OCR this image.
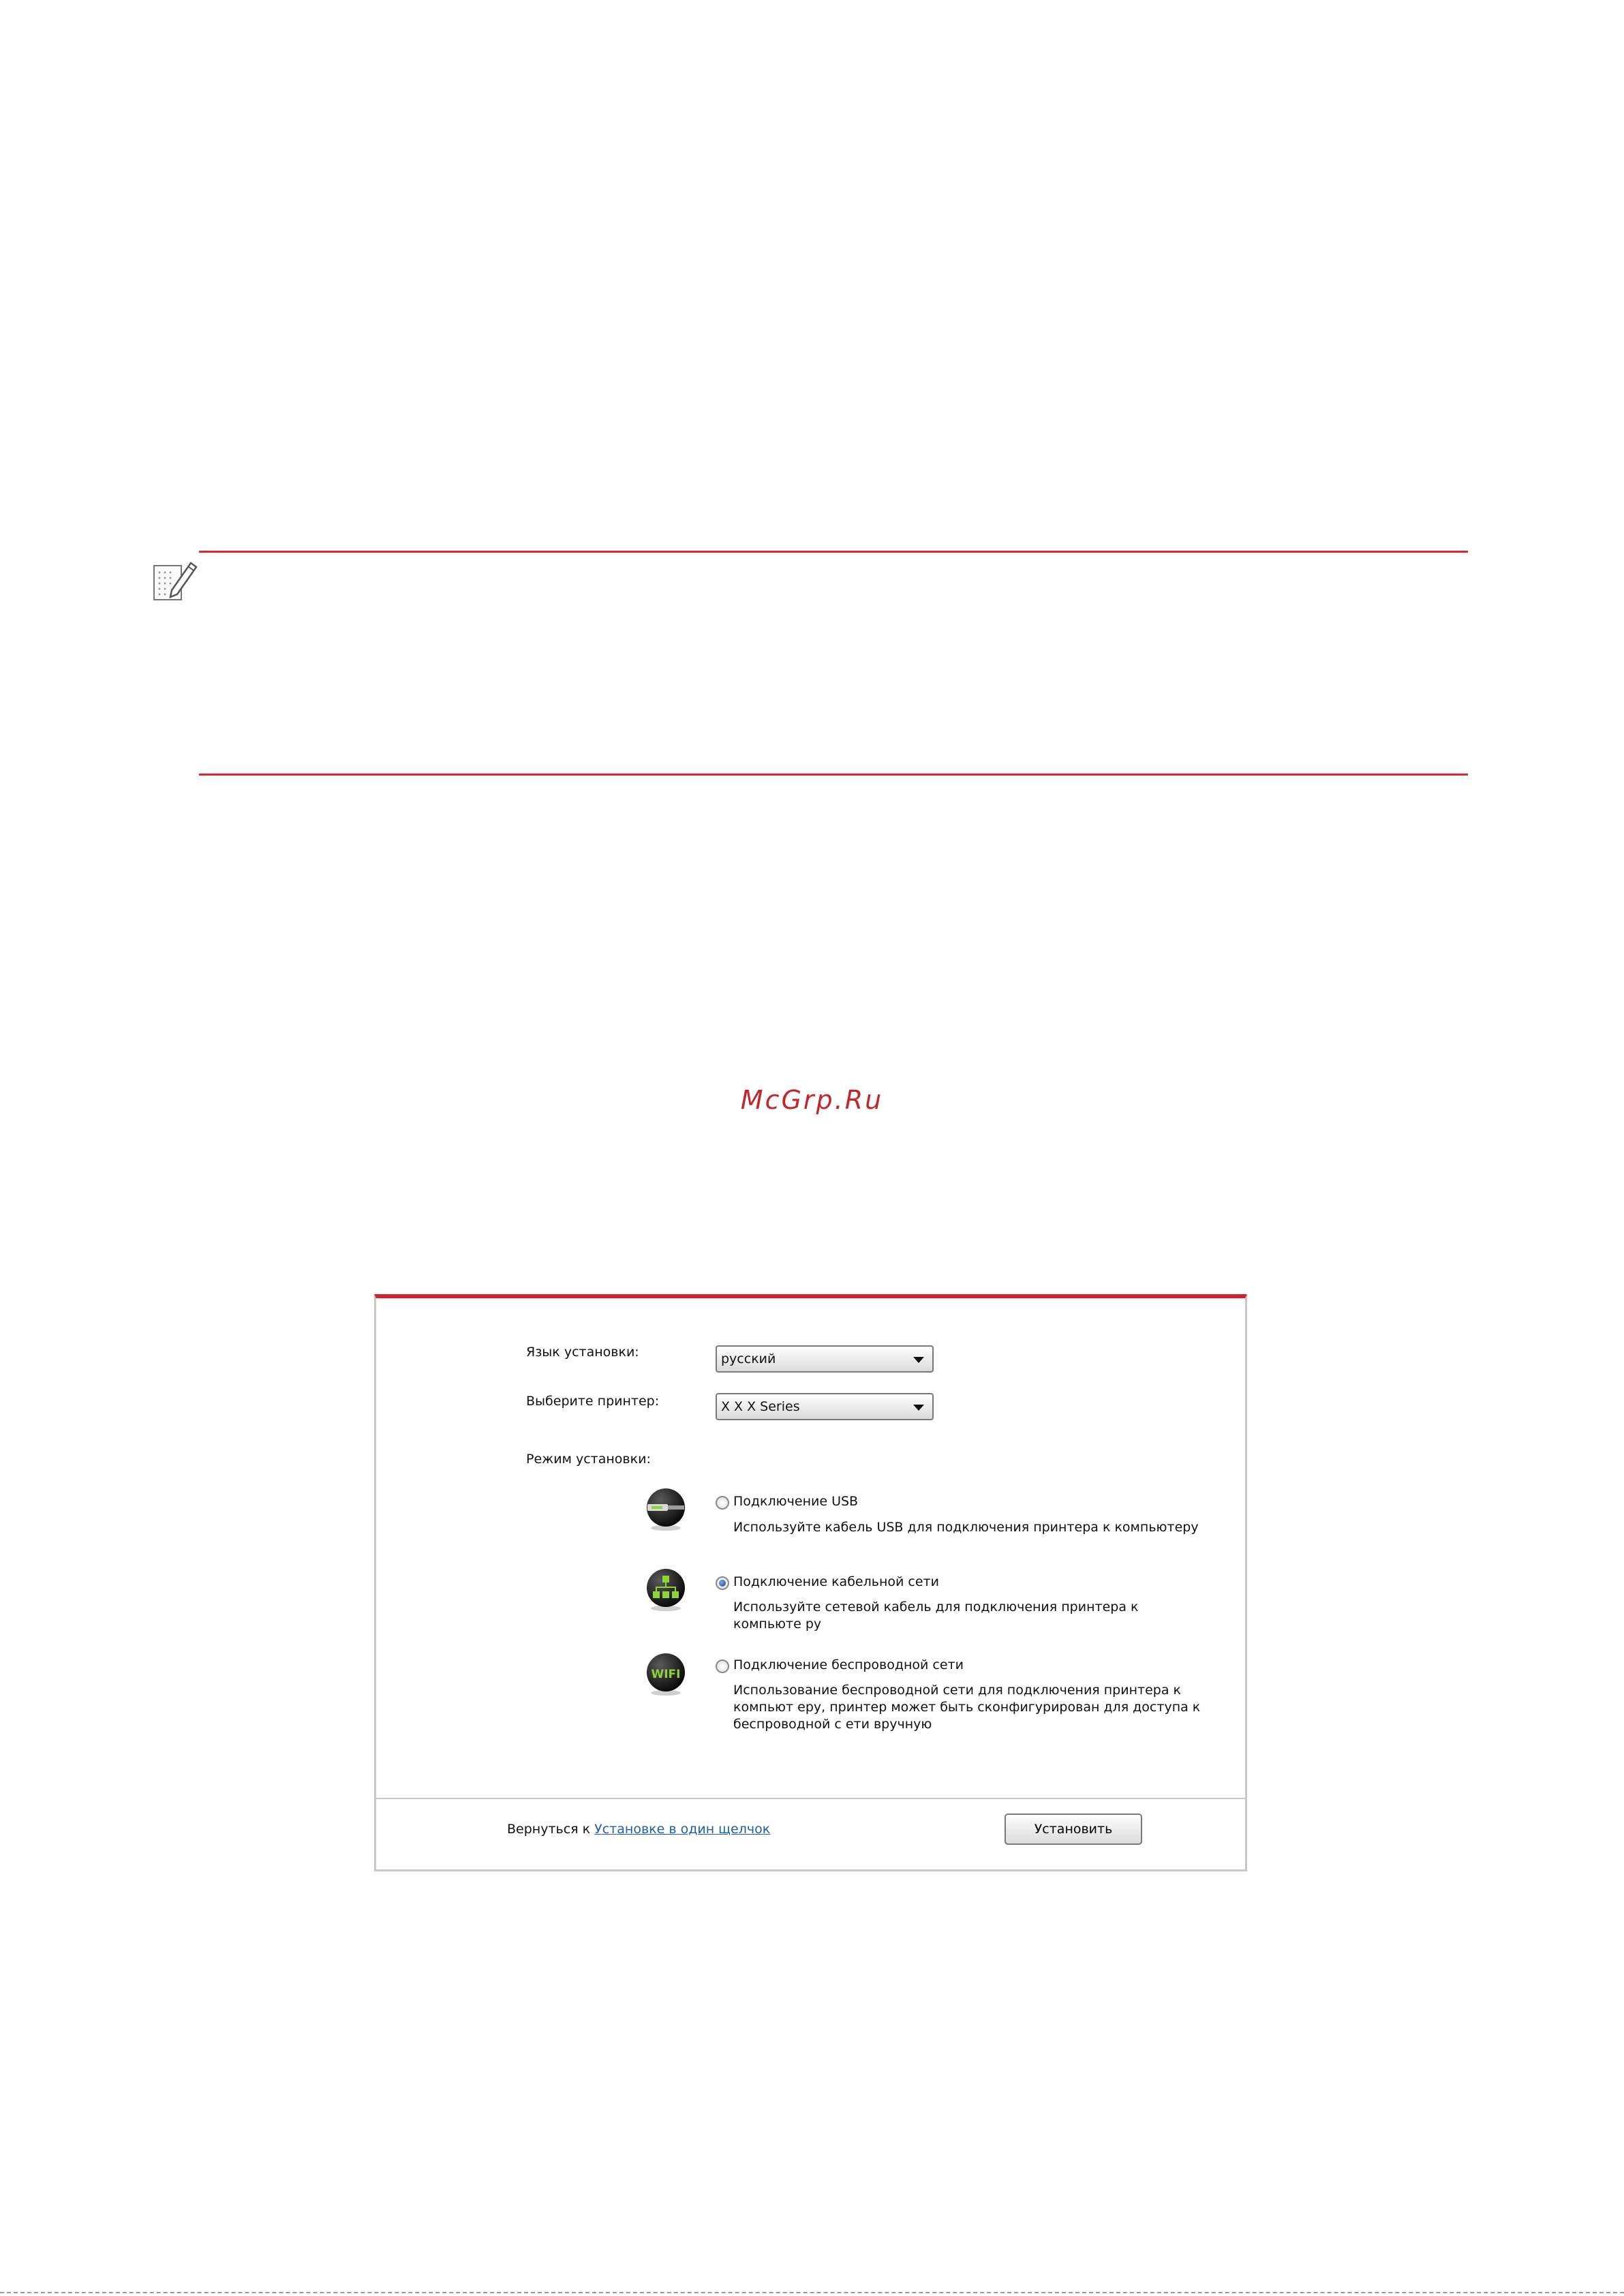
McGrp.Ru
Язык установки:	русский
Выберите принтер:	X X X Series
Режим установки:
Подключение USB
Используйте кабель USB для подключения принтера к компьютеру
Подключение кабельной сети
Используйте сетевой кабель для подключения принтера к компьюте ру
WIFI
Подключение беспроводной сети
Использование беспроводной сети для подключения принтера к компьют еру, принтер может быть сконфигурирован для доступа к беспроводной с ети вручную
Вернуться к Установке в один щелчок	Установить
